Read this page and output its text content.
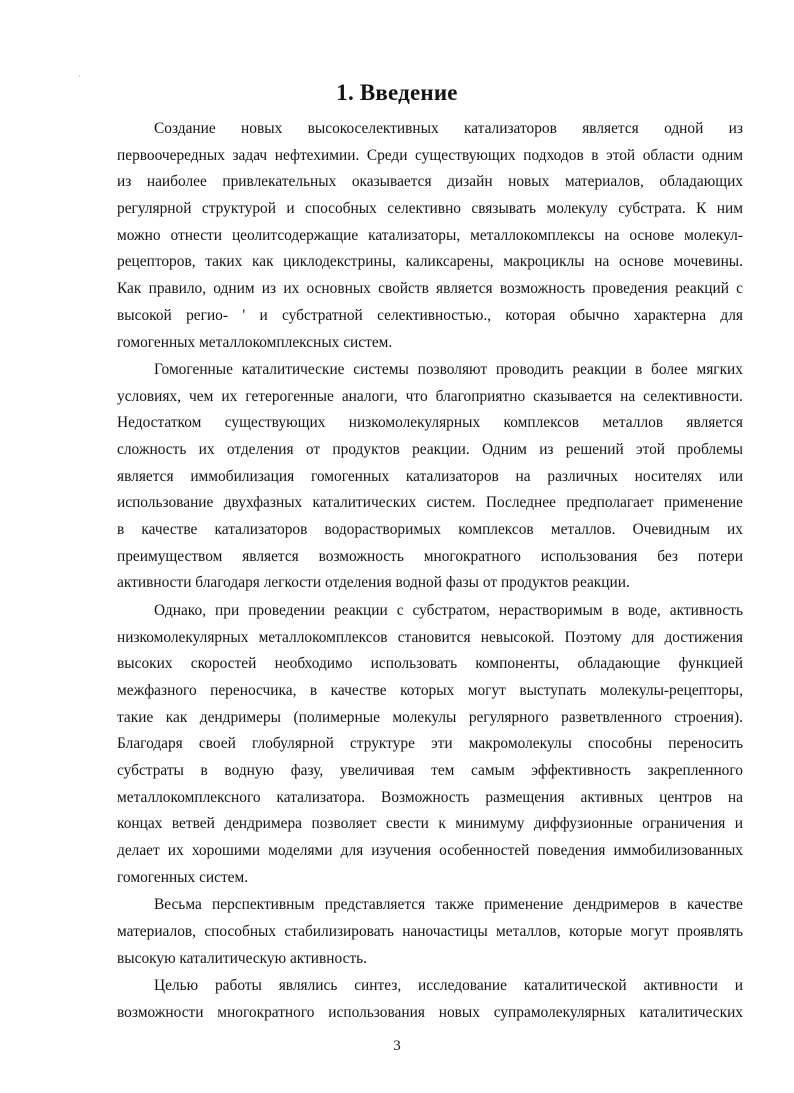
·
1. Введение
Создание новых высокоселективных катализаторов является одной из
первоочередных задач нефтехимии. Среди существующих подходов в этой области одним
из наиболее привлекательных оказывается дизайн новых материалов, обладающих
регулярной структурой и способных селективно связывать молекулу субстрата. К ним
можно отнести цеолитсодержащие катализаторы, металлокомплексы на основе молекул-
рецепторов, таких как циклодекстрины, каликсарены, макроциклы на основе мочевины.
Как правило, одним из их основных свойств является возможность проведения реакций с
высокой регио- ' и субстратной селективностью., которая обычно характерна для
гомогенных металлокомплексных систем.
Гомогенные каталитические системы позволяют проводить реакции в более мягких
условиях, чем их гетерогенные аналоги, что благоприятно сказывается на селективности.
Недостатком существующих низкомолекулярных комплексов металлов является
сложность их отделения от продуктов реакции. Одним из решений этой проблемы
является иммобилизация гомогенных катализаторов на различных носителях или
использование двухфазных каталитических систем. Последнее предполагает применение
в качестве катализаторов водорастворимых комплексов металлов. Очевидным их
преимуществом является возможность многократного использования без потери
активности благодаря легкости отделения водной фазы от продуктов реакции.
Однако, при проведении реакции с субстратом, нерастворимым в воде, активность
низкомолекулярных металлокомплексов становится невысокой. Поэтому для достижения
высоких скоростей необходимо использовать компоненты, обладающие функцией
межфазного переносчика, в качестве которых могут выступать молекулы-рецепторы,
такие как дендримеры (полимерные молекулы регулярного разветвленного строения).
Благодаря своей глобулярной структуре эти макромолекулы способны переносить
субстраты в водную фазу, увеличивая тем самым эффективность закрепленного
металлокомплексного катализатора. Возможность размещения активных центров на
концах ветвей дендримера позволяет свести к минимуму диффузионные ограничения и
делает их хорошими моделями для изучения особенностей поведения иммобилизованных
гомогенных систем.
Весьма перспективным представляется также применение дендримеров в качестве
материалов, способных стабилизировать наночастицы металлов, которые могут проявлять
высокую каталитическую активность.
Целью работы являлись синтез, исследование каталитической активности и
возможности многократного использования новых супрамолекулярных каталитических
3
